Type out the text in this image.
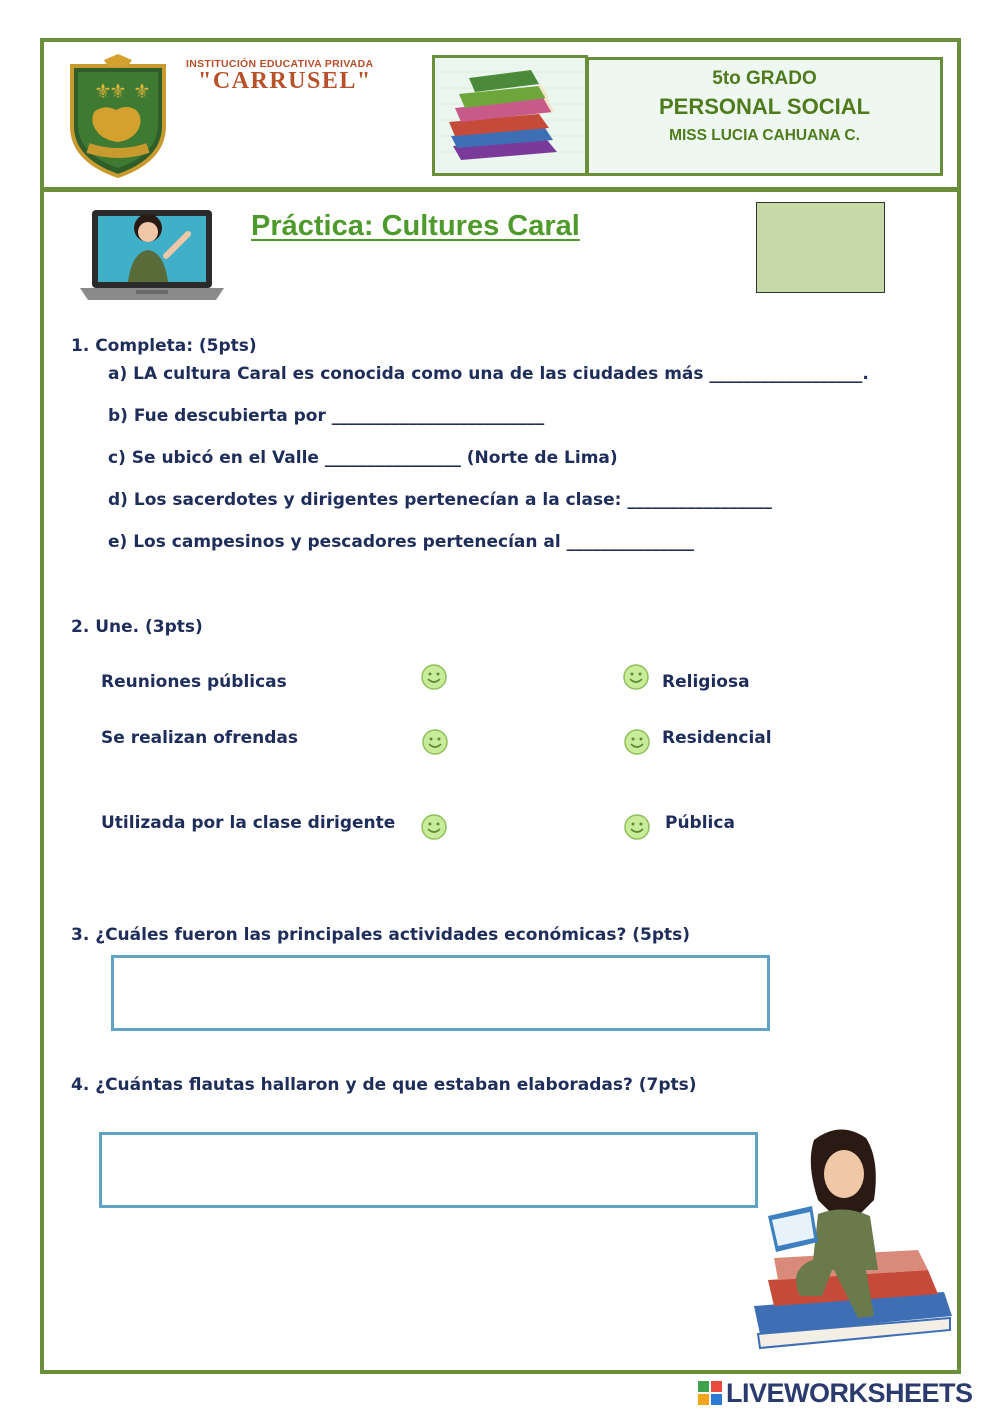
⚜
⚜ ⚜
INSTITUCIÓN EDUCATIVA PRIVADA
"CARRUSEL"	5to GRADO
PERSONAL SOCIAL
MISS LUCIA CAHUANA C.
Práctica: Cultures Caral
1. Completa: (5pts)
a) LA cultura Caral es conocida como una de las ciudades más __________________.
b) Fue descubierta por _________________________
c) Se ubicó en el Valle ________________ (Norte de Lima)
d) Los sacerdotes y dirigentes pertenecían a la clase: _________________
e) Los campesinos y pescadores pertenecían al _______________
2. Une. (3pts)
Reuniones públicas
Se realizan ofrendas
Utilizada por la clase dirigente
Religiosa
Residencial
Pública
3. ¿Cuáles fueron las principales actividades económicas? (5pts)
4. ¿Cuántas flautas hallaron y de que estaban elaboradas? (7pts)
LIVEWORKSHEETS
